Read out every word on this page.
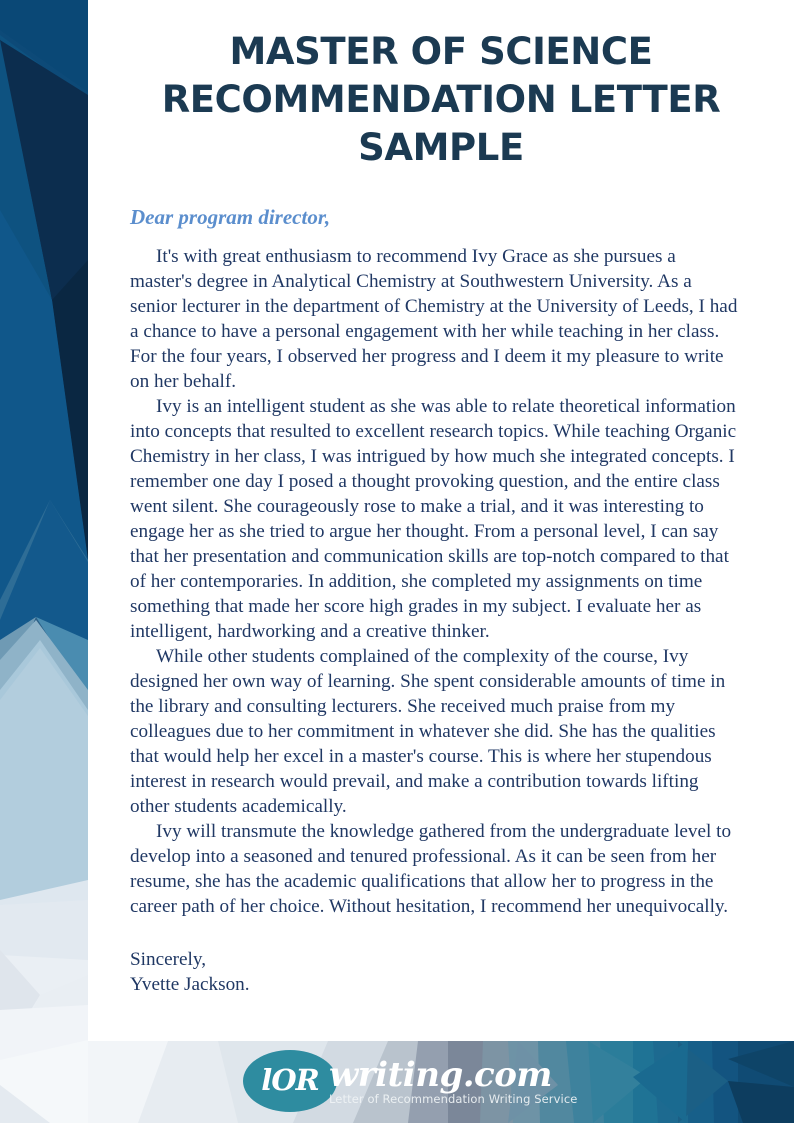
MASTER OF SCIENCE RECOMMENDATION LETTER SAMPLE

Dear program director,

It's with great enthusiasm to recommend Ivy Grace as she pursues a master's degree in Analytical Chemistry at Southwestern University. As a senior lecturer in the department of Chemistry at the University of Leeds, I had a chance to have a personal engagement with her while teaching in her class. For the four years, I observed her progress and I deem it my pleasure to write on her behalf.

Ivy is an intelligent student as she was able to relate theoretical information into concepts that resulted to excellent research topics. While teaching Organic Chemistry in her class, I was intrigued by how much she integrated concepts. I remember one day I posed a thought provoking question, and the entire class went silent. She courageously rose to make a trial, and it was interesting to engage her as she tried to argue her thought. From a personal level, I can say that her presentation and communication skills are top-notch compared to that of her contemporaries. In addition, she completed my assignments on time something that made her score high grades in my subject. I evaluate her as intelligent, hardworking and a creative thinker.

While other students complained of the complexity of the course, Ivy designed her own way of learning. She spent considerable amounts of time in the library and consulting lecturers. She received much praise from my colleagues due to her commitment in whatever she did. She has the qualities that would help her excel in a master's course. This is where her stupendous interest in research would prevail, and make a contribution towards lifting other students academically.

Ivy will transmute the knowledge gathered from the undergraduate level to develop into a seasoned and tenured professional. As it can be seen from her resume, she has the academic qualifications that allow her to progress in the career path of her choice. Without hesitation, I recommend her unequivocally.

Sincerely,

Yvette Jackson.

lOR writing.com
Letter of Recommendation Writing Service
